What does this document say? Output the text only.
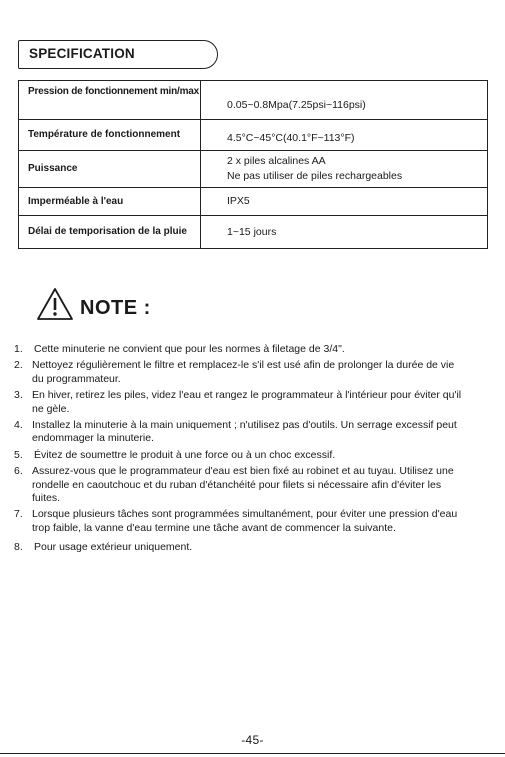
SPECIFICATION
Pression de fonctionnement min/max	0.05~0.8Mpa(7.25psi~116psi)

Température de fonctionnement	4.5°C~45°C(40.1°F~113°F)

Puissance	2 x piles alcalines AA
Ne pas utiliser de piles rechargeables

Imperméable à l'eau	IPX5
Délai de temporisation de la pluie	1~15 jours
NOTE :
1. Cette minuterie ne convient que pour les normes à filetage de 3/4".
2. Nettoyez régulièrement le filtre et remplacez-le s'il est usé afin de prolonger la durée de vie du programmateur.
3. En hiver, retirez les piles, videz l'eau et rangez le programmateur à l'intérieur pour éviter qu'il ne gèle.
4. Installez la minuterie à la main uniquement ; n'utilisez pas d'outils. Un serrage excessif peut endommager la minuterie.
5. Évitez de soumettre le produit à une force ou à un choc excessif.
6. Assurez-vous que le programmateur d'eau est bien fixé au robinet et au tuyau. Utilisez une rondelle en caoutchouc et du ruban d'étanchéité pour filets si nécessaire afin d'éviter les fuites.
7. Lorsque plusieurs tâches sont programmées simultanément, pour éviter une pression d'eau trop faible, la vanne d'eau termine une tâche avant de commencer la suivante.
8. Pour usage extérieur uniquement.
-45-
